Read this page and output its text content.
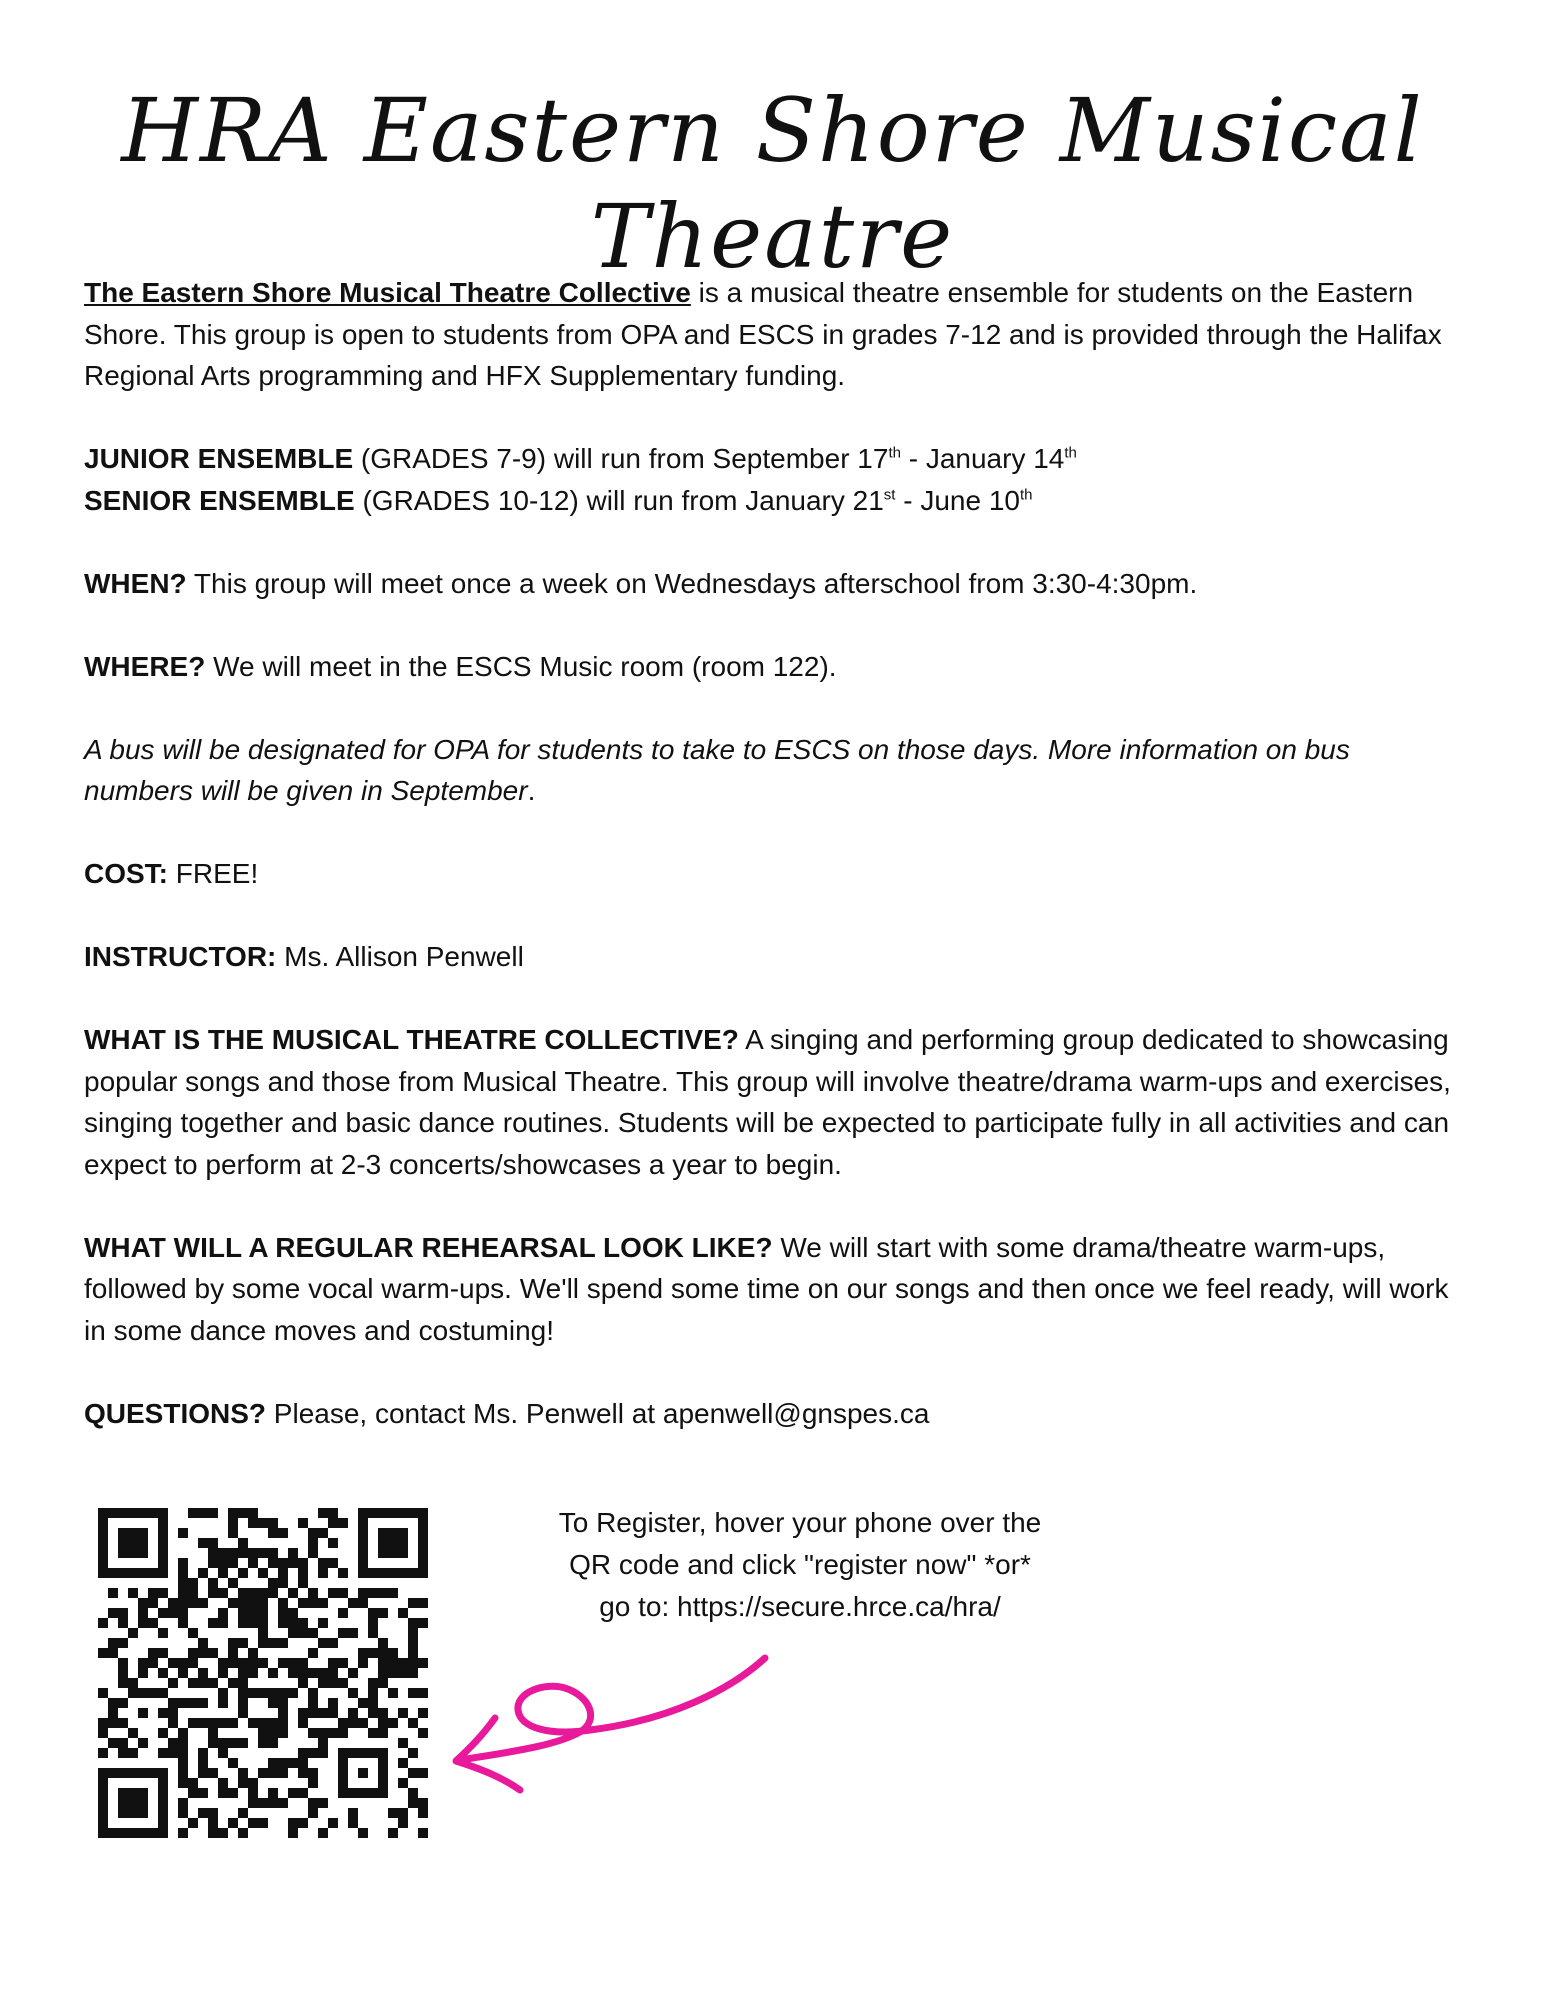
HRA Eastern Shore Musical Theatre

The Eastern Shore Musical Theatre Collective is a musical theatre ensemble for students on the Eastern Shore. This group is open to students from OPA and ESCS in grades 7-12 and is provided through the Halifax Regional Arts programming and HFX Supplementary funding.

JUNIOR ENSEMBLE (GRADES 7-9) will run from September 17th - January 14th

SENIOR ENSEMBLE (GRADES 10-12) will run from January 21st - June 10th

WHEN? This group will meet once a week on Wednesdays afterschool from 3:30-4:30pm.

WHERE? We will meet in the ESCS Music room (room 122).

A bus will be designated for OPA for students to take to ESCS on those days. More information on bus numbers will be given in September.

COST: FREE!

INSTRUCTOR: Ms. Allison Penwell

WHAT IS THE MUSICAL THEATRE COLLECTIVE? A singing and performing group dedicated to showcasing popular songs and those from Musical Theatre. This group will involve theatre/drama warm-ups and exercises, singing together and basic dance routines. Students will be expected to participate fully in all activities and can expect to perform at 2-3 concerts/showcases a year to begin.

WHAT WILL A REGULAR REHEARSAL LOOK LIKE? We will start with some drama/theatre warm-ups, followed by some vocal warm-ups. We'll spend some time on our songs and then once we feel ready, will work in some dance moves and costuming!

QUESTIONS? Please, contact Ms. Penwell at apenwell@gnspes.ca

To Register, hover your phone over the
QR code and click "register now" *or*
go to: https://secure.hrce.ca/hra/
